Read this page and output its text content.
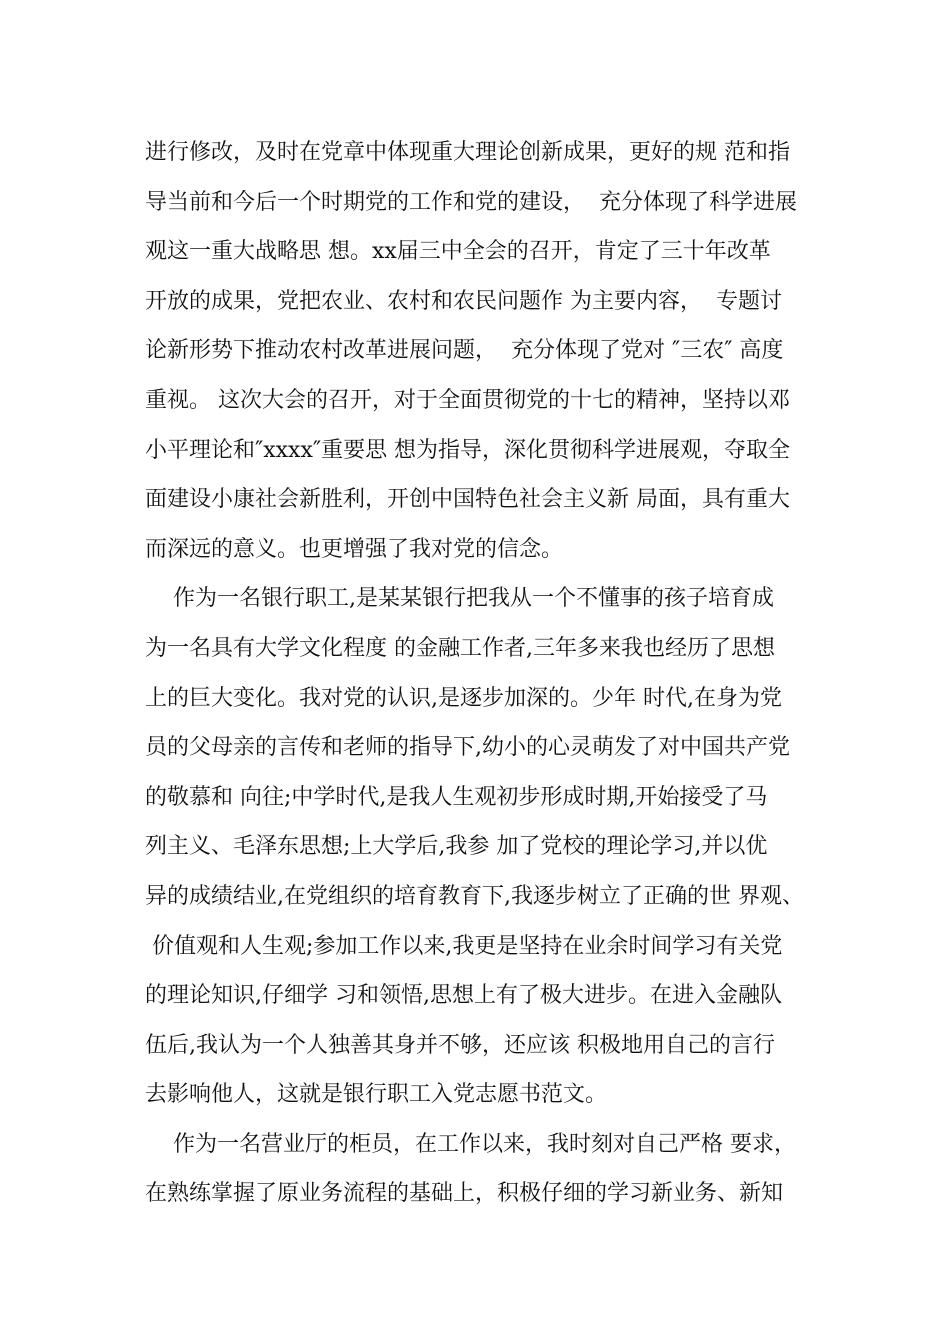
进行修改，及时在党章中体现重大理论创新成果，更好的规 范和指
导当前和今后一个时期党的工作和党的建设，  充分体现了科学进展
观这一重大战略思 想。xx届三中全会的召开，肯定了三十年改革
开放的成果，党把农业、农村和农民问题作 为主要内容，  专题讨
论新形势下推动农村改革进展问题，  充分体现了党对 ″三农″ 高度
重视。 这次大会的召开，对于全面贯彻党的十七的精神，坚持以邓
小平理论和″xxxx″重要思 想为指导，深化贯彻科学进展观，夺取全
面建设小康社会新胜利，开创中国特色社会主义新 局面，具有重大
而深远的意义。也更增强了我对党的信念。
作为一名银行职工,是某某银行把我从一个不懂事的孩子培育成
为一名具有大学文化程度 的金融工作者,三年多来我也经历了思想
上的巨大变化。我对党的认识,是逐步加深的。少年 时代,在身为党
员的父母亲的言传和老师的指导下,幼小的心灵萌发了对中国共产党
的敬慕和 向往;中学时代,是我人生观初步形成时期,开始接受了马
列主义、毛泽东思想;上大学后,我参 加了党校的理论学习,并以优
异的成绩结业,在党组织的培育教育下,我逐步树立了正确的世 界观、
价值观和人生观;参加工作以来,我更是坚持在业余时间学习有关党
的理论知识,仔细学 习和领悟,思想上有了极大进步。在进入金融队
伍后,我认为一个人独善其身并不够，还应该 积极地用自己的言行
去影响他人，这就是银行职工入党志愿书范文。
作为一名营业厅的柜员，在工作以来，我时刻对自己严格 要求，
在熟练掌握了原业务流程的基础上，积极仔细的学习新业务、新知
